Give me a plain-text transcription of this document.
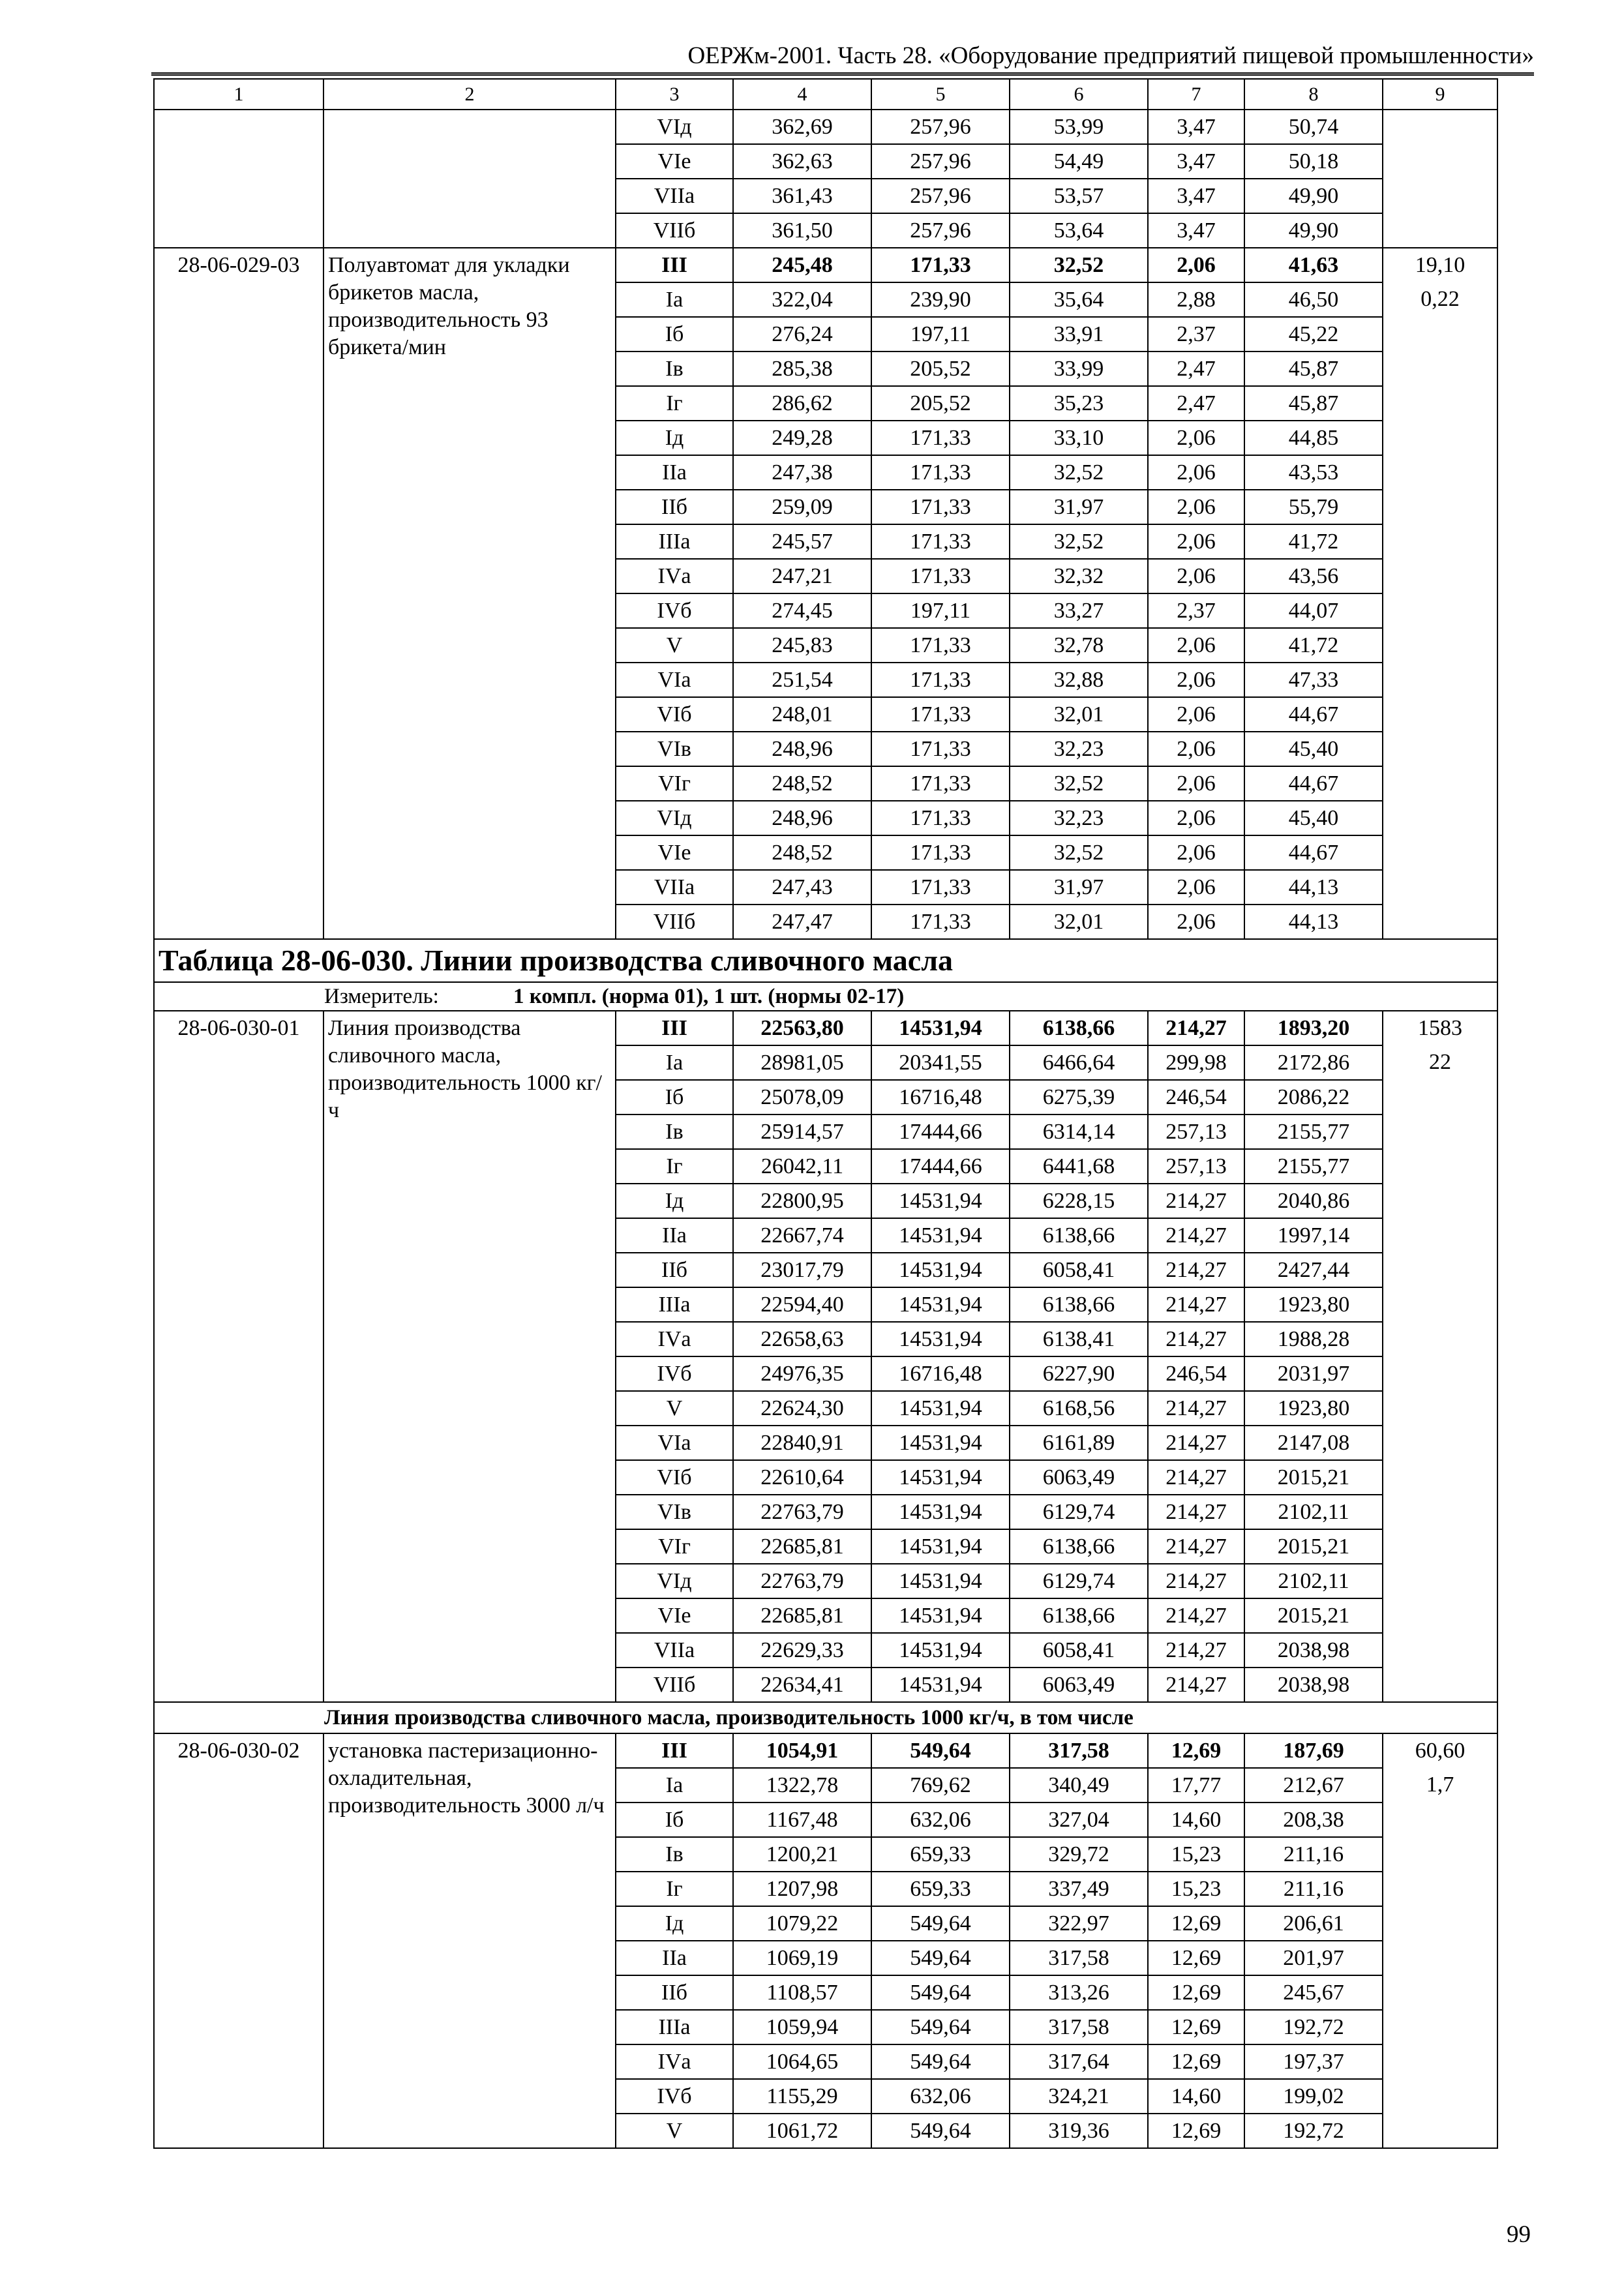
ОЕРЖм-2001. Часть 28. «Оборудование предприятий пищевой промышленности»
1	2	3	4	5	6	7	8	9
		VIд	362,69	257,96	53,99	3,47	50,74	
		VIе	362,63	257,96	54,49	3,47	50,18	
		VIIа	361,43	257,96	53,57	3,47	49,90	
		VIIб	361,50	257,96	53,64	3,47	49,90	
28-06-029-03	Полуавтомат для укладки брикетов масла, производительность 93 брикета/мин	III	245,48	171,33	32,52	2,06	41,63	19,10
		Iа	322,04	239,90	35,64	2,88	46,50	0,22
		Iб	276,24	197,11	33,91	2,37	45,22	
		Iв	285,38	205,52	33,99	2,47	45,87	
		Iг	286,62	205,52	35,23	2,47	45,87	
		Iд	249,28	171,33	33,10	2,06	44,85	
		IIа	247,38	171,33	32,52	2,06	43,53	
		IIб	259,09	171,33	31,97	2,06	55,79	
		IIIа	245,57	171,33	32,52	2,06	41,72	
		IVа	247,21	171,33	32,32	2,06	43,56	
		IVб	274,45	197,11	33,27	2,37	44,07	
		V	245,83	171,33	32,78	2,06	41,72	
		VIа	251,54	171,33	32,88	2,06	47,33	
		VIб	248,01	171,33	32,01	2,06	44,67	
		VIв	248,96	171,33	32,23	2,06	45,40	
		VIг	248,52	171,33	32,52	2,06	44,67	
		VIд	248,96	171,33	32,23	2,06	45,40	
		VIе	248,52	171,33	32,52	2,06	44,67	
		VIIа	247,43	171,33	31,97	2,06	44,13	
		VIIб	247,47	171,33	32,01	2,06	44,13	
Таблица 28-06-030. Линии производства сливочного масла								
Измеритель: 1 компл. (норма 01), 1 шт. (нормы 02-17)								
28-06-030-01	Линия производства сливочного масла, производительность 1000 кг/ч	III	22563,80	14531,94	6138,66	214,27	1893,20	1583
		Iа	28981,05	20341,55	6466,64	299,98	2172,86	22
		Iб	25078,09	16716,48	6275,39	246,54	2086,22	
		Iв	25914,57	17444,66	6314,14	257,13	2155,77	
		Iг	26042,11	17444,66	6441,68	257,13	2155,77	
		Iд	22800,95	14531,94	6228,15	214,27	2040,86	
		IIа	22667,74	14531,94	6138,66	214,27	1997,14	
		IIб	23017,79	14531,94	6058,41	214,27	2427,44	
		IIIа	22594,40	14531,94	6138,66	214,27	1923,80	
		IVа	22658,63	14531,94	6138,41	214,27	1988,28	
		IVб	24976,35	16716,48	6227,90	246,54	2031,97	
		V	22624,30	14531,94	6168,56	214,27	1923,80	
		VIа	22840,91	14531,94	6161,89	214,27	2147,08	
		VIб	22610,64	14531,94	6063,49	214,27	2015,21	
		VIв	22763,79	14531,94	6129,74	214,27	2102,11	
		VIг	22685,81	14531,94	6138,66	214,27	2015,21	
		VIд	22763,79	14531,94	6129,74	214,27	2102,11	
		VIе	22685,81	14531,94	6138,66	214,27	2015,21	
		VIIа	22629,33	14531,94	6058,41	214,27	2038,98	
		VIIб	22634,41	14531,94	6063,49	214,27	2038,98	
Линия производства сливочного масла, производительность 1000 кг/ч, в том числе								
28-06-030-02	установка пастеризационно-охладительная, производительность 3000 л/ч	III	1054,91	549,64	317,58	12,69	187,69	60,60
		Iа	1322,78	769,62	340,49	17,77	212,67	1,7
		Iб	1167,48	632,06	327,04	14,60	208,38	
		Iв	1200,21	659,33	329,72	15,23	211,16	
		Iг	1207,98	659,33	337,49	15,23	211,16	
		Iд	1079,22	549,64	322,97	12,69	206,61	
		IIа	1069,19	549,64	317,58	12,69	201,97	
		IIб	1108,57	549,64	313,26	12,69	245,67	
		IIIа	1059,94	549,64	317,58	12,69	192,72	
		IVа	1064,65	549,64	317,64	12,69	197,37	
		IVб	1155,29	632,06	324,21	14,60	199,02	
		V	1061,72	549,64	319,36	12,69	192,72	
99
